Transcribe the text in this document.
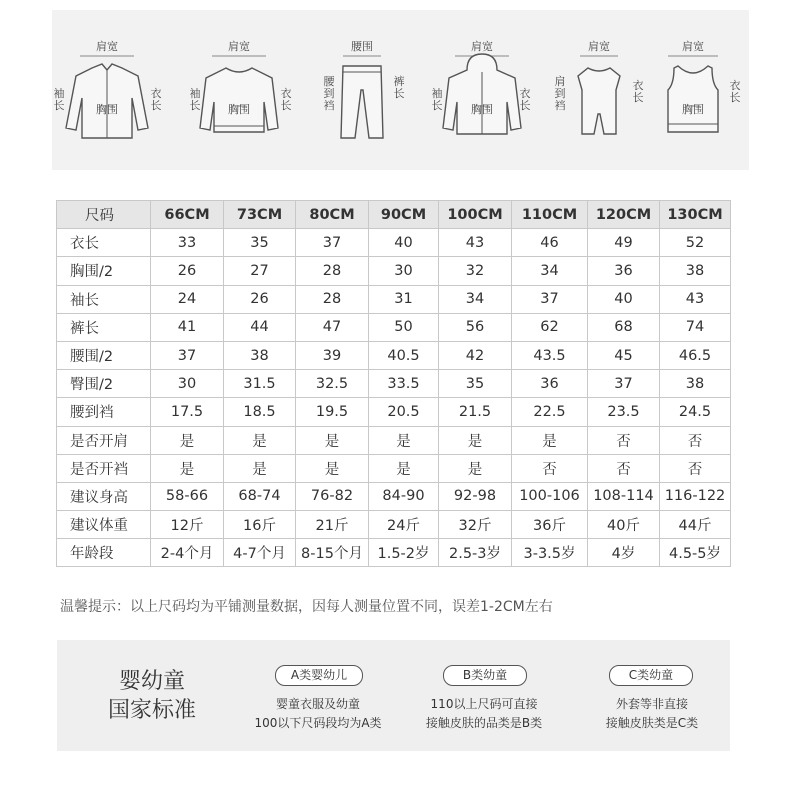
肩宽
胸围
袖
长
衣
长
肩宽
胸围
袖
长
衣
长
腰围
腰
到
裆
裤
长
肩宽
胸围
袖
长
衣
长
肩宽
肩
到
裆
衣
长
肩宽
胸围
衣
长
尺码	66CM	73CM	80CM	90CM	100CM	110CM	120CM	130CM
衣长	33	35	37	40	43	46	49	52
胸围/2	26	27	28	30	32	34	36	38
袖长	24	26	28	31	34	37	40	43
裤长	41	44	47	50	56	62	68	74
腰围/2	37	38	39	40.5	42	43.5	45	46.5
臀围/2	30	31.5	32.5	33.5	35	36	37	38
腰到裆	17.5	18.5	19.5	20.5	21.5	22.5	23.5	24.5
是否开肩	是	是	是	是	是	是	否	否
是否开裆	是	是	是	是	是	否	否	否
建议身高	58-66	68-74	76-82	84-90	92-98	100-106	108-114	116-122
建议体重	12斤	16斤	21斤	24斤	32斤	36斤	40斤	44斤
年龄段	2-4个月	4-7个月	8-15个月	1.5-2岁	2.5-3岁	3-3.5岁	4岁	4.5-5岁
温馨提示：以上尺码均为平铺测量数据，因每人测量位置不同，误差1-2CM左右
婴幼童
国家标准
A类婴幼儿
婴童衣服及幼童
100以下尺码段均为A类
B类幼童
110以上尺码可直接
接触皮肤的品类是B类
C类幼童
外套等非直接
接触皮肤类是C类
